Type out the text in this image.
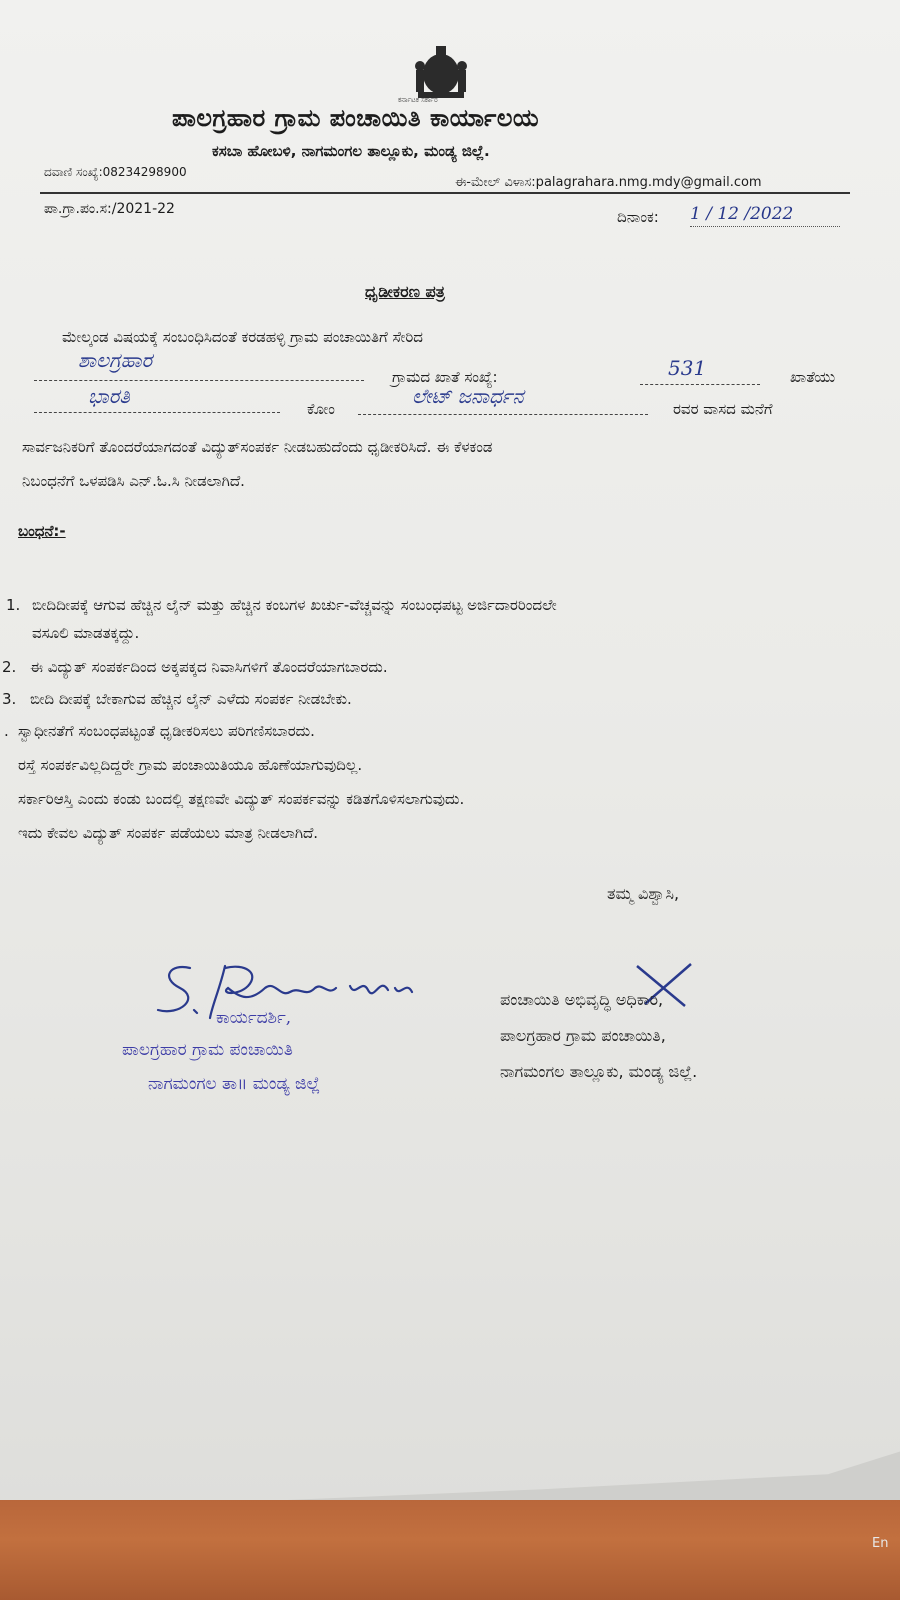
ಕರ್ನಾಟಕ ಸರ್ಕಾರ
ಪಾಲಗ್ರಹಾರ ಗ್ರಾಮ ಪಂಚಾಯಿತಿ ಕಾರ್ಯಾಲಯ
ಕಸಬಾ ಹೋಬಳಿ, ನಾಗಮಂಗಲ ತಾಲ್ಲೂಕು, ಮಂಡ್ಯ ಜಿಲ್ಲೆ.
ದವಾಣಿ ಸಂಖ್ಯೆ:08234298900
ಈ-ಮೇಲ್ ವಿಳಾಸ:palagrahara.nmg.mdy@gmail.com
ಪಾ.ಗ್ರಾ.ಪಂ.ಸ:/2021-22	ದಿನಾಂಕ: 1 / 12 /2022
ಧೃಡೀಕರಣ ಪತ್ರ
ಮೇಲ್ಕಂಡ ವಿಷಯಕ್ಕೆ ಸಂಬಂಧಿಸಿದಂತೆ ಕರಡಹಳ್ಳಿ ಗ್ರಾಮ ಪಂಚಾಯಿತಿಗೆ ಸೇರಿದ
ಶಾಲಗ್ರಹಾರ
ಗ್ರಾಮದ ಖಾತೆ ಸಂಖ್ಯೆ:	531	ಖಾತೆಯು
ಭಾರತಿ
ಕೋಂ
ಲೇಟ್ ಜನಾರ್ಧನ
ರವರ ವಾಸದ ಮನೆಗೆ
ಸಾರ್ವಜನಿಕರಿಗೆ ತೊಂದರೆಯಾಗದಂತೆ ವಿದ್ಯುತ್‌ಸಂಪರ್ಕ ನೀಡಬಹುದೆಂದು ಧೃಡೀಕರಿಸಿದೆ. ಈ ಕೆಳಕಂಡ
ನಿಬಂಧನೆಗೆ ಒಳಪಡಿಸಿ ಎನ್.ಓ.ಸಿ ನೀಡಲಾಗಿದೆ.
ಬಂಧನೆ:-
1. ಬೀದಿದೀಪಕ್ಕೆ ಆಗುವ ಹೆಚ್ಚಿನ ಲೈನ್ ಮತ್ತು ಹೆಚ್ಚಿನ ಕಂಬಗಳ ಖರ್ಚು-ವೆಚ್ಚವನ್ನು ಸಂಬಂಧಪಟ್ಟ ಅರ್ಜಿದಾರರಿಂದಲೇ
ವಸೂಲಿ ಮಾಡತಕ್ಕದ್ದು.
2. ಈ ವಿದ್ಯುತ್ ಸಂಪರ್ಕದಿಂದ ಅಕ್ಕಪಕ್ಕದ ನಿವಾಸಿಗಳಿಗೆ ತೊಂದರೆಯಾಗಬಾರದು.
3. ಬೀದಿ ದೀಪಕ್ಕೆ ಬೇಕಾಗುವ ಹೆಚ್ಚಿನ ಲೈನ್ ಎಳೆದು ಸಂಪರ್ಕ ನೀಡಬೇಕು.
. ಸ್ವಾಧೀನತೆಗೆ ಸಂಬಂಧಪಟ್ಟಂತೆ ಧೃಡೀಕರಿಸಲು ಪರಿಗಣಿಸಬಾರದು.
ರಸ್ತೆ ಸಂಪರ್ಕವಿಲ್ಲದಿದ್ದರೇ ಗ್ರಾಮ ಪಂಚಾಯಿತಿಯೂ ಹೊಣೆಯಾಗುವುದಿಲ್ಲ.
ಸರ್ಕಾರಿಆಸ್ತಿ ಎಂದು ಕಂಡು ಬಂದಲ್ಲಿ ತಕ್ಷಣವೇ ವಿದ್ಯುತ್ ಸಂಪರ್ಕವನ್ನು ಕಡಿತಗೊಳಿಸಲಾಗುವುದು.
ಇದು ಕೇವಲ ವಿದ್ಯುತ್ ಸಂಪರ್ಕ ಪಡೆಯಲು ಮಾತ್ರ ನೀಡಲಾಗಿದೆ.
ತಮ್ಮ ವಿಶ್ವಾಸಿ,
ಪಂಚಾಯಿತಿ ಅಭಿವೃದ್ಧಿ ಅಧಿಕಾರಿ,
ಪಾಲಗ್ರಹಾರ ಗ್ರಾಮ ಪಂಚಾಯಿತಿ,
ನಾಗಮಂಗಲ ತಾಲ್ಲೂಕು, ಮಂಡ್ಯ ಜಿಲ್ಲೆ.
ಕಾರ್ಯದರ್ಶಿ,
ಪಾಲಗ್ರಹಾರ ಗ್ರಾಮ ಪಂಚಾಯಿತಿ
ನಾಗಮಂಗಲ ತಾ॥ ಮಂಡ್ಯ ಜಿಲ್ಲೆ
En
